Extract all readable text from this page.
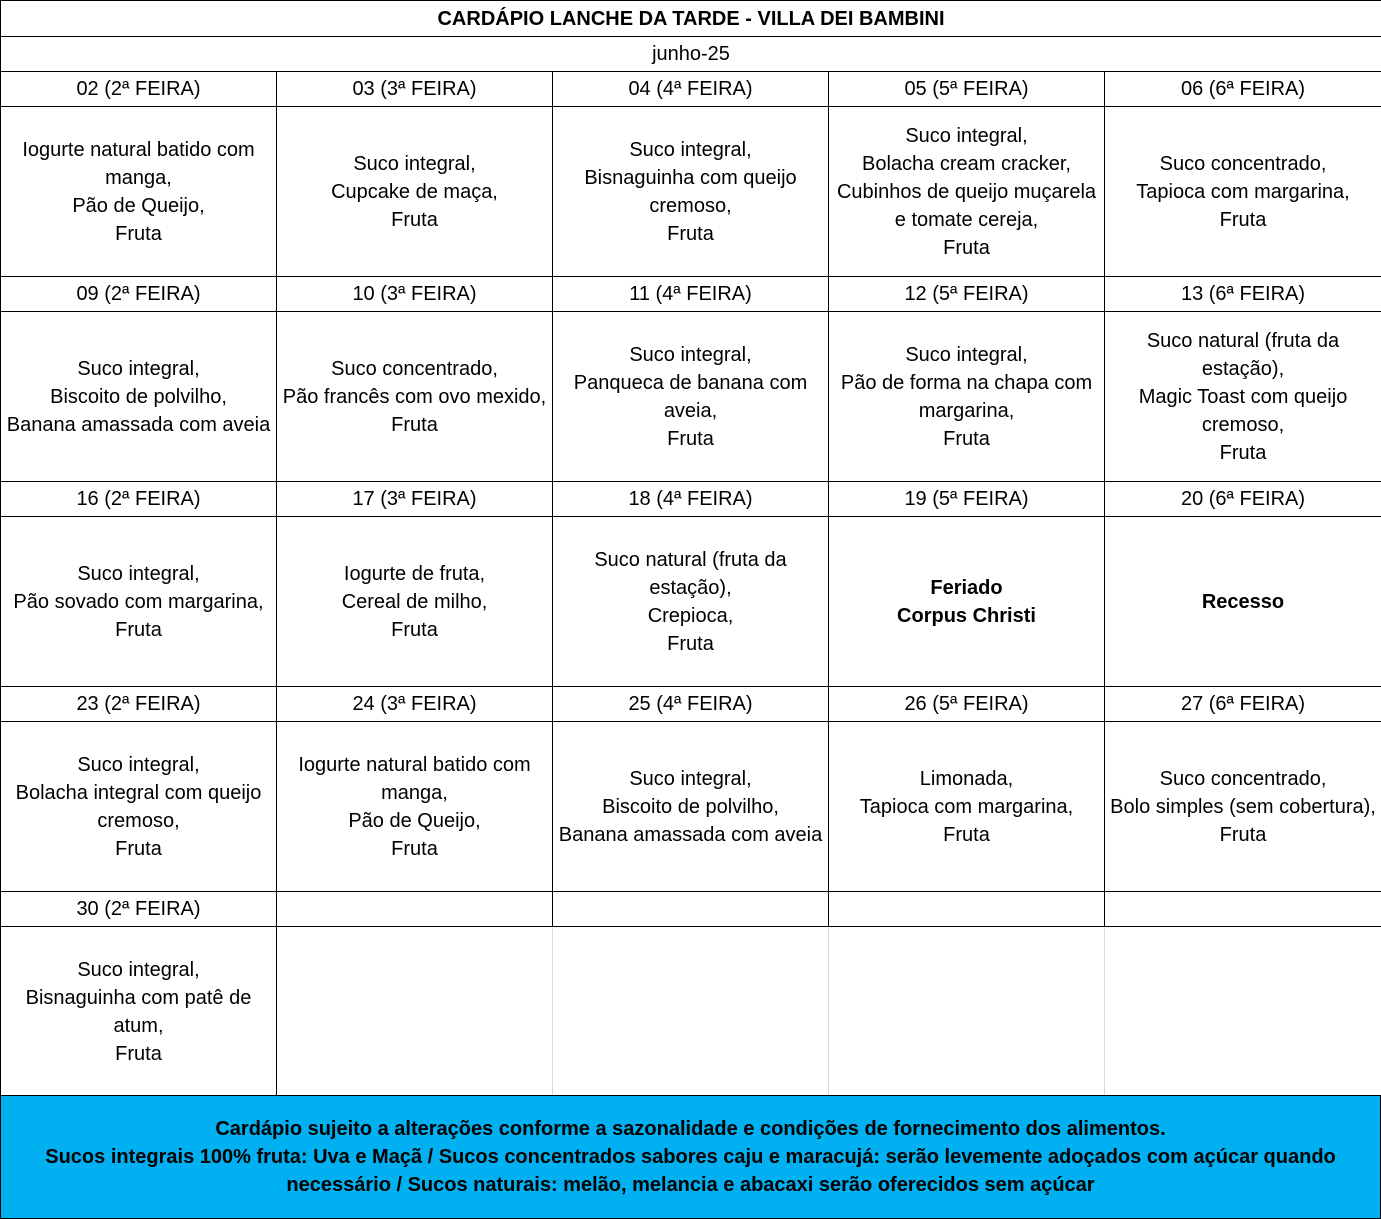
CARDÁPIO LANCHE DA TARDE - VILLA DEI BAMBINI				
junho-25				
02 (2ª FEIRA)	03 (3ª FEIRA)	04 (4ª FEIRA)	05 (5ª FEIRA)	06 (6ª FEIRA)
Iogurte natural batido com manga,
Pão de Queijo,
Fruta	Suco integral,
Cupcake de maça,
Fruta	Suco integral,
Bisnaguinha com queijo cremoso,
Fruta	Suco integral,
Bolacha cream cracker,
Cubinhos de queijo muçarela e tomate cereja,
Fruta	Suco concentrado,
Tapioca com margarina,
Fruta
09 (2ª FEIRA)	10 (3ª FEIRA)	11 (4ª FEIRA)	12 (5ª FEIRA)	13 (6ª FEIRA)
Suco integral,
Biscoito de polvilho,
Banana amassada com aveia	Suco concentrado,
Pão francês com ovo mexido,
Fruta	Suco integral,
Panqueca de banana com aveia,
Fruta	Suco integral,
Pão de forma na chapa com margarina,
Fruta	Suco natural (fruta da estação),
Magic Toast com queijo cremoso,
Fruta
16 (2ª FEIRA)	17 (3ª FEIRA)	18 (4ª FEIRA)	19 (5ª FEIRA)	20 (6ª FEIRA)
Suco integral,
Pão sovado com margarina,
Fruta	Iogurte de fruta,
Cereal de milho,
Fruta	Suco natural (fruta da estação),
Crepioca,
Fruta	Feriado
Corpus Christi	Recesso
23 (2ª FEIRA)	24 (3ª FEIRA)	25 (4ª FEIRA)	26 (5ª FEIRA)	27 (6ª FEIRA)
Suco integral,
Bolacha integral com queijo cremoso,
Fruta	Iogurte natural batido com manga,
Pão de Queijo,
Fruta	Suco integral,
Biscoito de polvilho,
Banana amassada com aveia	Limonada,
Tapioca com margarina,
Fruta	Suco concentrado,
Bolo simples (sem cobertura),
Fruta
30 (2ª FEIRA)				
Suco integral,
Bisnaguinha com patê de atum,
Fruta				
Cardápio sujeito a alterações conforme a sazonalidade e condições de fornecimento dos alimentos.
Sucos integrais 100% fruta: Uva e Maçã / Sucos concentrados sabores caju e maracujá: serão levemente adoçados com açúcar quando necessário / Sucos naturais: melão, melancia e abacaxi serão oferecidos sem açúcar
